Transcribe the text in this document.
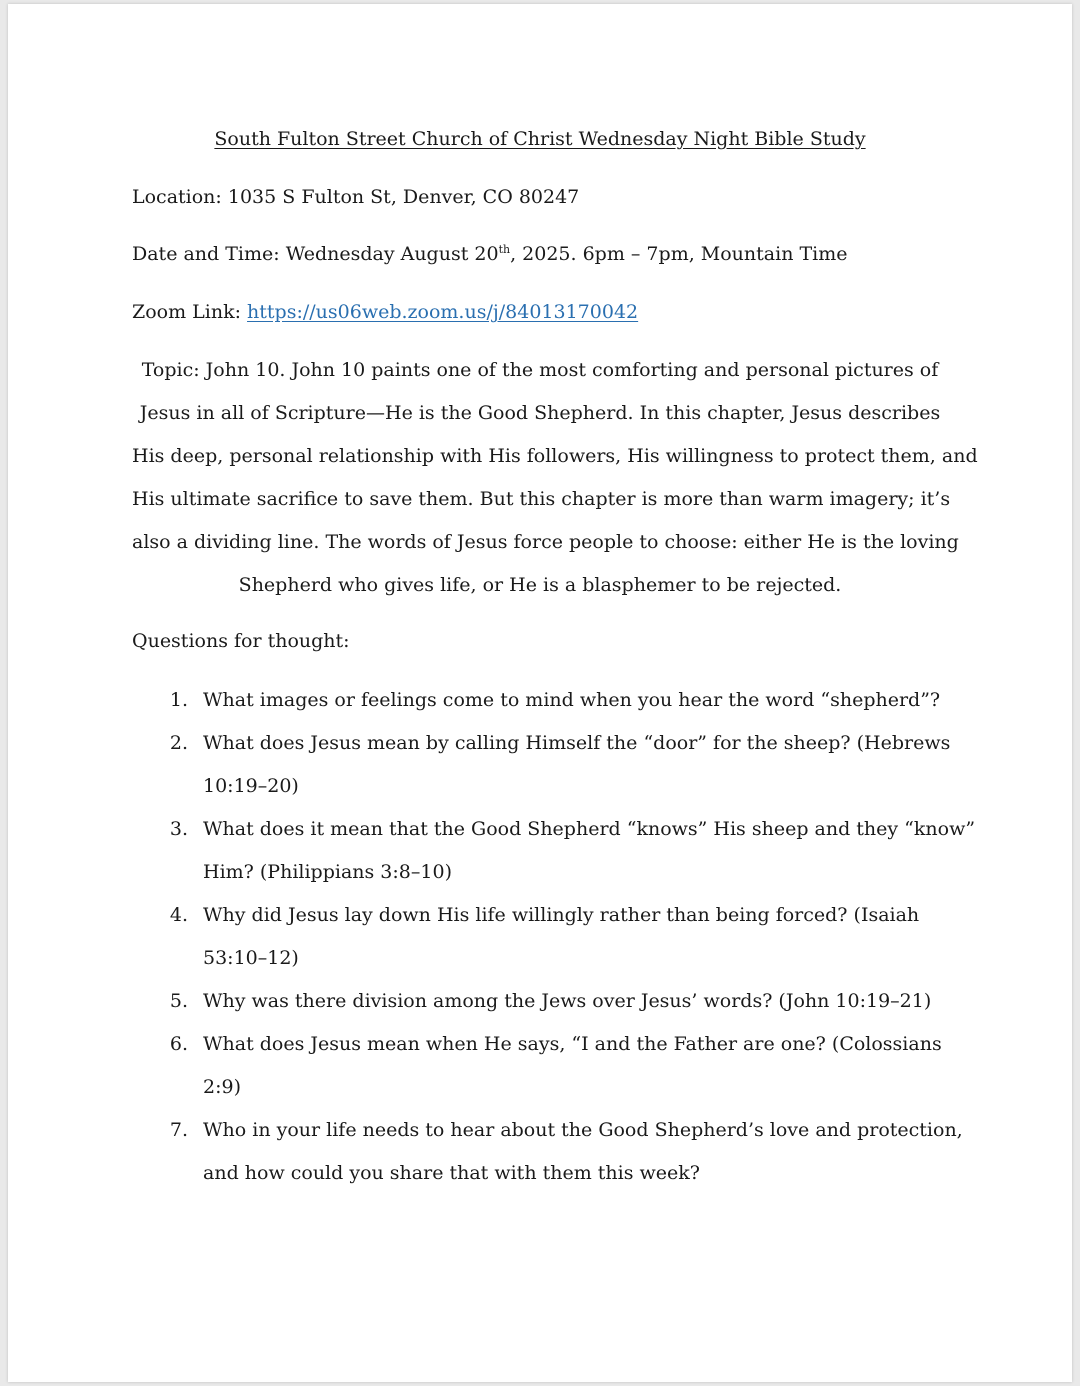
South Fulton Street Church of Christ Wednesday Night Bible Study
Location: 1035 S Fulton St, Denver, CO 80247
Date and Time: Wednesday August 20th, 2025. 6pm – 7pm, Mountain Time
Zoom Link: https://us06web.zoom.us/j/84013170042
Topic: John 10. John 10 paints one of the most comforting and personal pictures of
Jesus in all of Scripture—He is the Good Shepherd. In this chapter, Jesus describes
His deep, personal relationship with His followers, His willingness to protect them, and
His ultimate sacrifice to save them. But this chapter is more than warm imagery; it’s
also a dividing line. The words of Jesus force people to choose: either He is the loving
Shepherd who gives life, or He is a blasphemer to be rejected.
Questions for thought:
1. What images or feelings come to mind when you hear the word “shepherd”?
2. What does Jesus mean by calling Himself the “door” for the sheep? (Hebrews
10:19–20)
3. What does it mean that the Good Shepherd “knows” His sheep and they “know”
Him? (Philippians 3:8–10)
4. Why did Jesus lay down His life willingly rather than being forced? (Isaiah
53:10–12)
5. Why was there division among the Jews over Jesus’ words? (John 10:19–21)
6. What does Jesus mean when He says, “I and the Father are one? (Colossians
2:9)
7. Who in your life needs to hear about the Good Shepherd’s love and protection,
and how could you share that with them this week?
